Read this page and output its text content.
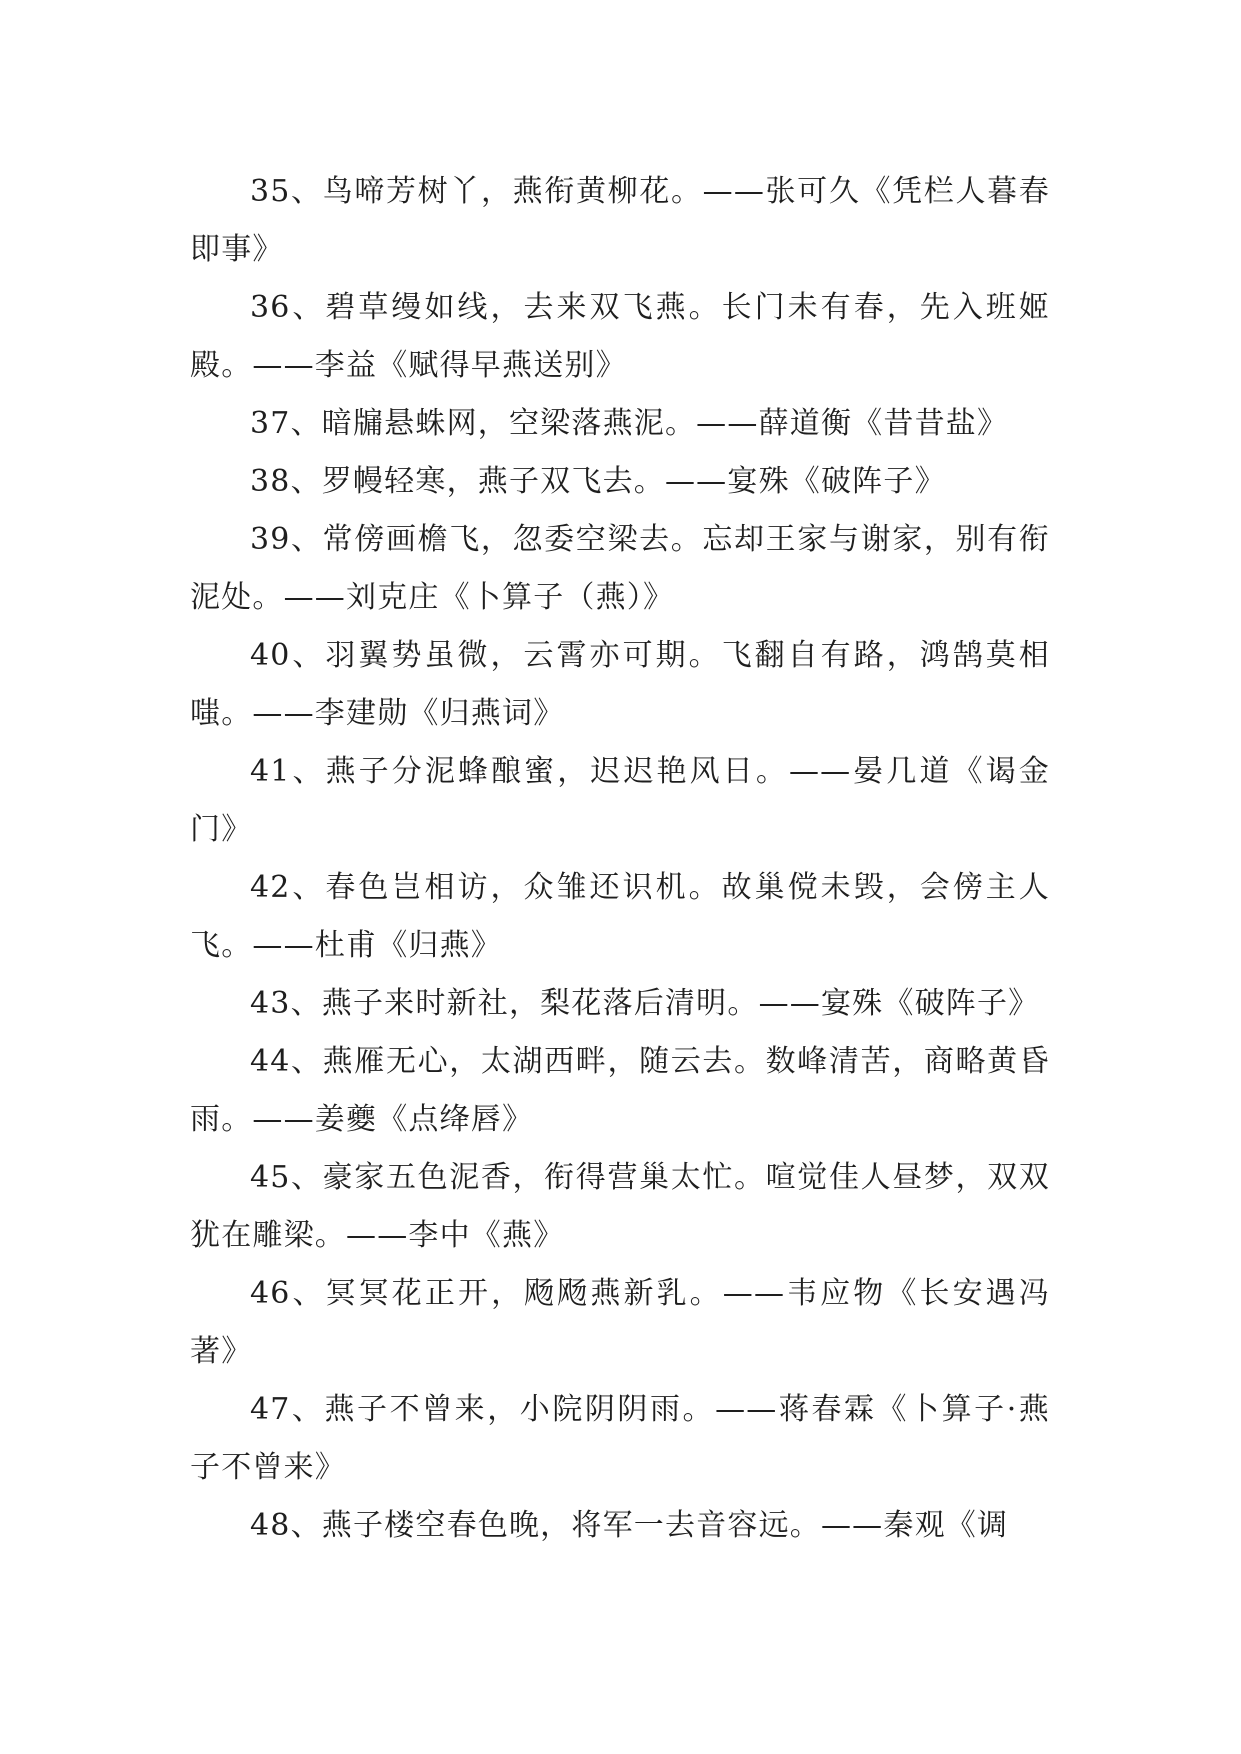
35、鸟啼芳树丫，燕衔黄柳花。——张可久《凭栏人暮春即事》

36、碧草缦如线，去来双飞燕。长门未有春，先入班姬殿。——李益《赋得早燕送别》

37、暗牖悬蛛网，空梁落燕泥。——薛道衡《昔昔盐》

38、罗幔轻寒，燕子双飞去。——宴殊《破阵子》

39、常傍画檐飞，忽委空梁去。忘却王家与谢家，别有衔泥处。——刘克庄《卜算子（燕）》

40、羽翼势虽微，云霄亦可期。飞翻自有路，鸿鹄莫相嗤。——李建勋《归燕词》

41、燕子分泥蜂酿蜜，迟迟艳风日。——晏几道《谒金门》

42、春色岂相访，众雏还识机。故巢傥未毁，会傍主人飞。——杜甫《归燕》

43、燕子来时新社，梨花落后清明。——宴殊《破阵子》

44、燕雁无心，太湖西畔，随云去。数峰清苦，商略黄昏雨。——姜夔《点绛唇》

45、豪家五色泥香，衔得营巢太忙。喧觉佳人昼梦，双双犹在雕梁。——李中《燕》

46、冥冥花正开，飏飏燕新乳。——韦应物《长安遇冯著》

47、燕子不曾来，小院阴阴雨。——蒋春霖《卜算子·燕子不曾来》

48、燕子楼空春色晚，将军一去音容远。——秦观《调
